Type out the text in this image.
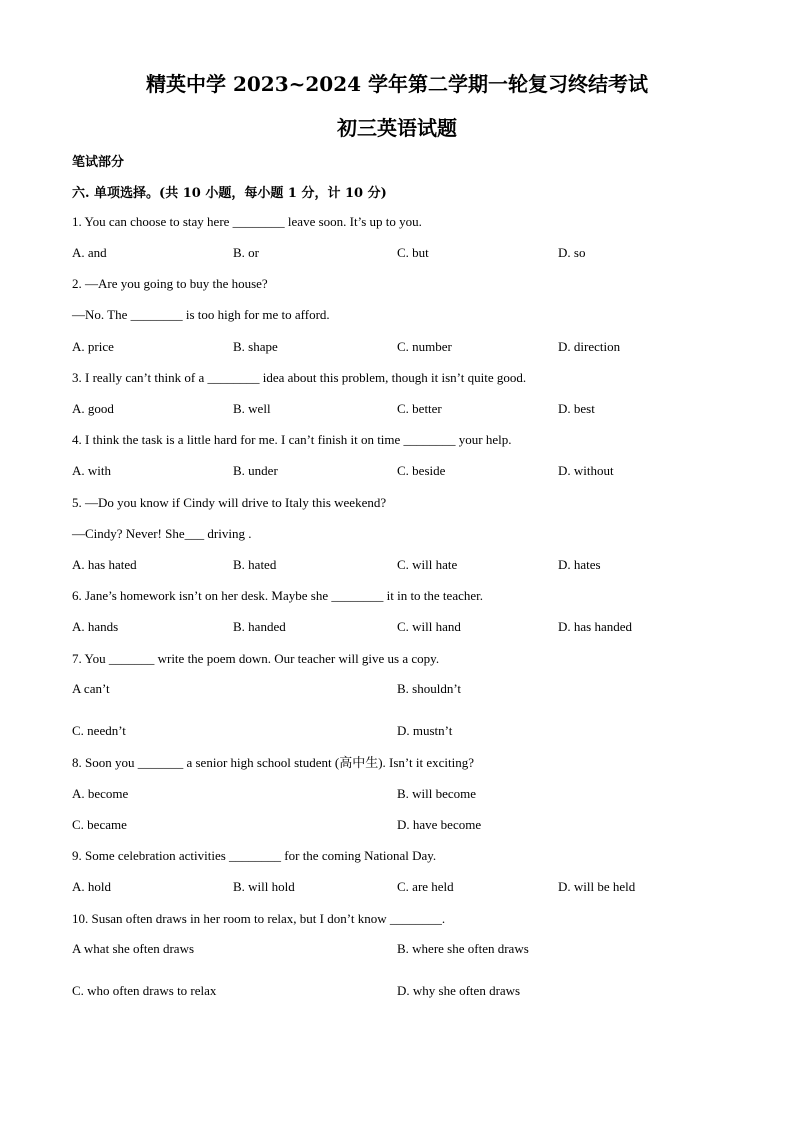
精英中学 2023~2024 学年第二学期一轮复习终结考试
初三英语试题
笔试部分
六. 单项选择。(共 10 小题，每小题 1 分，计 10 分)
1. You can choose to stay here ________ leave soon. It’s up to you.
A. and	B. or	C. but	D. so
2. —Are you going to buy the house?
—No. The ________ is too high for me to afford.
A. price	B. shape	C. number	D. direction
3. I really can’t think of a ________ idea about this problem, though it isn’t quite good.
A. good	B. well	C. better	D. best
4. I think the task is a little hard for me. I can’t finish it on time ________ your help.
A. with	B. under	C. beside	D. without
5. —Do you know if Cindy will drive to Italy this weekend?
—Cindy? Never! She___ driving .
A. has hated	B. hated	C. will hate	D. hates
6. Jane’s homework isn’t on her desk. Maybe she ________ it in to the teacher.
A. hands	B. handed	C. will hand	D. has handed
7. You _______ write the poem down. Our teacher will give us a copy.
A can’t	B. shouldn’t
C. needn’t	D. mustn’t
8. Soon you _______ a senior high school student (高中生). Isn’t it exciting?
A. become	B. will become
C. became	D. have become
9. Some celebration activities ________ for the coming National Day.
A. hold	B. will hold	C. are held	D. will be held
10. Susan often draws in her room to relax, but I don’t know ________.
A what she often draws	B. where she often draws
C. who often draws to relax	D. why she often draws
